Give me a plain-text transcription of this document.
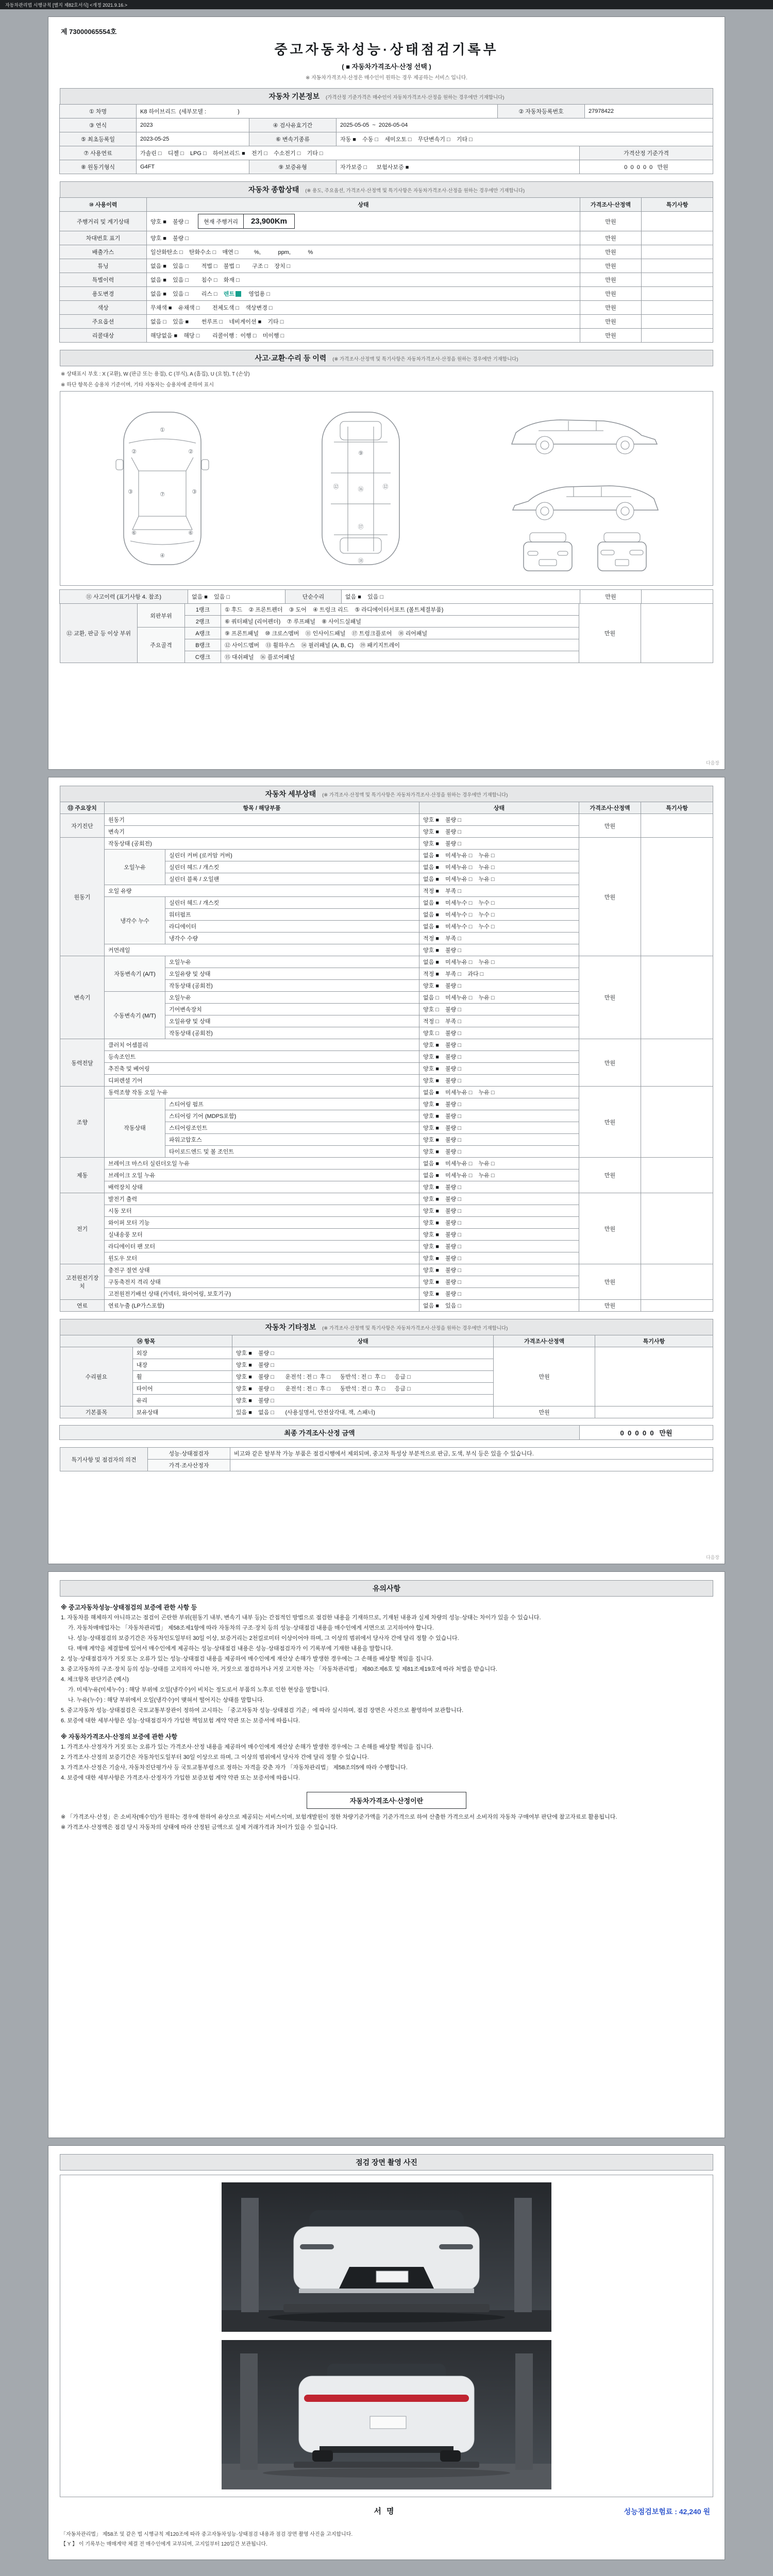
자동차관리법 시행규칙 [별지 제82호서식] <개정 2021.9.16.>
제 73000065554호
중고자동차성능·상태점검기록부
( ■ 자동차가격조사·산정 선택 )
※ 자동차가격조사·산정은 매수인이 원하는 경우 제공하는 서비스 입니다.
자동차 기본정보 (가격산정 기준가격은 매수인이 자동차가격조사·산정을 원하는 경우에만 기재합니다)
① 차명	K8 하이브리드  (세부모델 :                    )	② 자동차등록번호	27978422
③ 연식	2023	④ 검사유효기간	2025-05-05  ~  2026-05-04
⑤ 최초등록일	2023-05-25	⑥ 변속기종류	자동 ■    수동 □    세미오토 □    무단변속기 □    기타 □
⑦ 사용연료	가솔린 □    디젤 □    LPG □    하이브리드 ■    전기 □    수소전기 □    기타 □	가격산정 기준가격
⑧ 원동기형식	G4FT	⑨ 보증유형	자가보증 □      보험사보증 ■	0  0  0  0  0   만원
자동차 종합상태 (※ 용도, 주요옵션, 가격조사·산정액 및 특기사항은 자동차가격조사·산정을 원하는 경우에만 기재합니다)
⑩ 사용이력	상태	가격조사·산정액	특기사항
주행거리 및 계기상태	양호 ■    불량 □	현재 주행거리	23,900Km	만원
차대번호 표기	양호 ■    불량 □	만원
배출가스	일산화탄소 □    탄화수소 □    매연 □          %,           ppm,           %	만원
튜닝	없음 ■    있음 □        적법 □    불법 □        구조 □    장치 □	만원
특별이력	없음 ■    있음 □        침수 □    화재 □	만원
용도변경	없음 ■    있음 □        리스 □ 렌트 영업용 □	만원
색상	무채색 ■    유채색 □        전체도색 □    색상변경 □	만원
주요옵션	없음 □    있음 ■        썬루프 □    네비게이션 ■    기타 □	만원
리콜대상	해당없음 ■    해당 □        리콜이행 :  이행 □    미이행 □	만원
사고·교환·수리 등 이력 (※ 가격조사·산정액 및 특기사항은 자동차가격조사·산정을 원하는 경우에만 기재합니다)
※ 상태표시 부호 : X (교환), W (판금 또는 용접), C (부식), A (흠집), U (요철), T (손상)
※ 하단 항목은 승용차 기준이며, 기타 자동차는 승용차에 준하여 표시
①
②	②
③	③
⑦
⑥	⑥
④
⑨
⑫	⑫
⑯
⑰
⑱
⑪ 사고이력 (표기사항 4. 참조)	없음 ■    있음 □	단순수리	없음 ■    있음 □	만원
⑫ 교환, 판금 등 이상 부위	외판부위	1랭크	① 후드    ② 프론트펜더    ③ 도어    ④ 트렁크 리드    ⑤ 라디에이터서포트 (볼트체결부품)	만원	
		2랭크	⑥ 쿼터패널 (리어펜더)    ⑦ 루프패널    ⑧ 사이드실패널		
	주요골격	A랭크	⑨ 프론트패널    ⑩ 크로스멤버    ⑪ 인사이드패널    ⑰ 트렁크플로어    ⑱ 리어패널		
		B랭크	⑫ 사이드멤버    ⑬ 휠하우스    ⑭ 필러패널 (A, B, C)    ⑲ 패키지트레이		
		C랭크	⑮ 대쉬패널    ⑯ 플로어패널		
다음장
자동차 세부상태 (※ 가격조사·산정액 및 특기사항은 자동차가격조사·산정을 원하는 경우에만 기재합니다)
⑬ 주요장치	항목 / 해당부품		상태	가격조사·산정액	특기사항
자기진단	원동기		양호 ■    불량 □	만원	
	변속기		양호 ■    불량 □		
원동기	작동상태 (공회전)		양호 ■    불량 □	만원	
	오일누유	실린더 커버 (로커암 커버)	없음 ■    미세누유 □    누유 □		
		실린더 헤드 / 개스킷	없음 ■    미세누유 □    누유 □		
		실린더 블록 / 오일팬	없음 ■    미세누유 □    누유 □		
	오일 유량		적정 ■    부족 □		
	냉각수 누수	실린더 헤드 / 개스킷	없음 ■    미세누수 □    누수 □		
		워터펌프	없음 ■    미세누수 □    누수 □		
		라디에이터	없음 ■    미세누수 □    누수 □		
		냉각수 수량	적정 ■    부족 □		
	커먼레일		양호 ■    불량 □		
변속기	자동변속기 (A/T)	오일누유	없음 ■    미세누유 □    누유 □	만원	
		오일유량 및 상태	적정 ■    부족 □    과다 □		
		작동상태 (공회전)	양호 ■    불량 □		
	수동변속기 (M/T)	오일누유	없음 □    미세누유 □    누유 □		
		기어변속장치	양호 □    불량 □		
		오일유량 및 상태	적정 □    부족 □		
		작동상태 (공회전)	양호 □    불량 □		
동력전달	클러치 어셈블리		양호 ■    불량 □	만원	
	등속조인트		양호 ■    불량 □		
	추진축 및 베어링		양호 ■    불량 □		
	디퍼렌셜 기어		양호 ■    불량 □		
조향	동력조향 작동 오일 누유		없음 ■    미세누유 □    누유 □	만원	
	작동상태	스티어링 펌프	양호 ■    불량 □		
		스티어링 기어 (MDPS포함)	양호 ■    불량 □		
		스티어링조인트	양호 ■    불량 □		
		파워고압호스	양호 ■    불량 □		
		타이로드엔드 및 볼 조인트	양호 ■    불량 □		
제동	브레이크 마스터 실린더오일 누유		없음 ■    미세누유 □    누유 □	만원	
	브레이크 오일 누유		없음 ■    미세누유 □    누유 □		
	배력장치 상태		양호 ■    불량 □		
전기	발전기 출력		양호 ■    불량 □	만원	
	시동 모터		양호 ■    불량 □		
	와이퍼 모터 기능		양호 ■    불량 □		
	실내송풍 모터		양호 ■    불량 □		
	라디에이터 팬 모터		양호 ■    불량 □		
	윈도우 모터		양호 ■    불량 □		
고전원전기장치	충전구 절연 상태		양호 ■    불량 □	만원	
	구동축전지 격리 상태		양호 ■    불량 □		
	고전원전기배선 상태 (커넥터, 와이어링, 보호기구)		양호 ■    불량 □		
연료	연료누출 (LP가스포함)		없음 ■    있음 □	만원	
자동차 기타정보 (※ 가격조사·산정액 및 특기사항은 자동차가격조사·산정을 원하는 경우에만 기재합니다)
⑭ 항목		상태	가격조사·산정액	특기사항
수리필요	외장	양호 ■    불량 □	만원	
	내장	양호 ■    불량 □		
	휠	양호 ■    불량 □       운전석 : 전 □  후 □      동반석 : 전 □  후 □      응급 □		
	타이어	양호 ■    불량 □       운전석 : 전 □  후 □      동반석 : 전 □  후 □      응급 □		
	유리	양호 ■    불량 □		
기본품목	보유상태	있음 ■    없음 □       (사용설명서, 안전삼각대, 잭, 스패너)	만원	
최종 가격조사·산정 금액	0  0  0  0  0   만원
특기사항 및 점검자의 의견	성능·상태점검자	비고와 같은 탈부착 가능 부품은 점검시행에서 제외되며, 중고차 특성상 부분적으로 판금, 도색, 부식 등은 있을 수 있습니다.
	가격·조사산정자	
다음장
유의사항
※ 중고자동차성능·상태점검의 보증에 관한 사항 등

1. 자동차를 해체하지 아니하고는 점검이 곤란한 부위(원동기 내부, 변속기 내부 등)는 간접적인 방법으로 점검한 내용을 기재하므로, 기재된 내용과 실제 차량의 성능·상태는 차이가 있을 수 있습니다.

가. 자동차매매업자는 「자동차관리법」 제58조제1항에 따라 자동차의 구조·장치 등의 성능·상태점검 내용을 매수인에게 서면으로 고지하여야 합니다.

나. 성능·상태점검의 보증기간은 자동차인도일부터 30일 이상, 보증거리는 2천킬로미터 이상이어야 하며, 그 이상의 범위에서 당사자 간에 달리 정할 수 있습니다.

다. 매매 계약을 체결함에 있어서 매수인에게 제공하는 성능·상태점검 내용은 성능·상태점검자가 이 기록부에 기재한 내용을 말합니다.

2. 성능·상태점검자가 거짓 또는 오류가 있는 성능·상태점검 내용을 제공하여 매수인에게 재산상 손해가 발생한 경우에는 그 손해를 배상할 책임을 집니다.

3. 중고자동차의 구조·장치 등의 성능·상태를 고지하지 아니한 자, 거짓으로 점검하거나 거짓 고지한 자는 「자동차관리법」 제80조제6호 및 제81조제19호에 따라 처벌을 받습니다.

4. 체크항목 판단기준 (예시)

가. 미세누유(미세누수) : 해당 부위에 오일(냉각수)이 비치는 정도로서 부품의 노후로 인한 현상을 말합니다.

나. 누유(누수) : 해당 부위에서 오일(냉각수)이 맺혀서 떨어지는 상태를 말합니다.

5. 중고자동차 성능·상태점검은 국토교통부장관이 정하여 고시하는 「중고자동차 성능·상태점검 기준」에 따라 실시하며, 점검 장면은 사진으로 촬영하여 보관합니다.

6. 보증에 대한 세부사항은 성능·상태점검자가 가입한 책임보험 계약 약관 또는 보증서에 따릅니다.

※ 자동차가격조사·산정의 보증에 관한 사항

1. 가격조사·산정자가 거짓 또는 오류가 있는 가격조사·산정 내용을 제공하여 매수인에게 재산상 손해가 발생한 경우에는 그 손해를 배상할 책임을 집니다.

2. 가격조사·산정의 보증기간은 자동차인도일부터 30일 이상으로 하며, 그 이상의 범위에서 당사자 간에 달리 정할 수 있습니다.

3. 가격조사·산정은 기술사, 자동차진단평가사 등 국토교통부령으로 정하는 자격을 갖춘 자가 「자동차관리법」 제58조의5에 따라 수행합니다.

4. 보증에 대한 세부사항은 가격조사·산정자가 가입한 보증보험 계약 약관 또는 보증서에 따릅니다.

자동차가격조사·산정이란

※ 「가격조사·산정」은 소비자(매수인)가 원하는 경우에 한하여 유상으로 제공되는 서비스이며, 보험개발원이 정한 차량기준가액을 기준가격으로 하여 산출한 가격으로서 소비자의 자동차 구매여부 판단에 참고자료로 활용됩니다.

※ 가격조사·산정액은 점검 당시 자동차의 상태에 따라 산정된 금액으로 실제 거래가격과 차이가 있을 수 있습니다.

점검 장면 촬영 사진
서명	성능점검보험료 : 42,240 원
「자동차관리법」 제58조 및 같은 법 시행규칙 제120조에 따라 중고자동차성능·상태점검 내용과 점검 장면 촬영 사진을 고지합니다.
【 Y 】 이 기록부는 매매계약 체결 전 매수인에게 교부되며, 고지일부터 120일간 보관됩니다.
